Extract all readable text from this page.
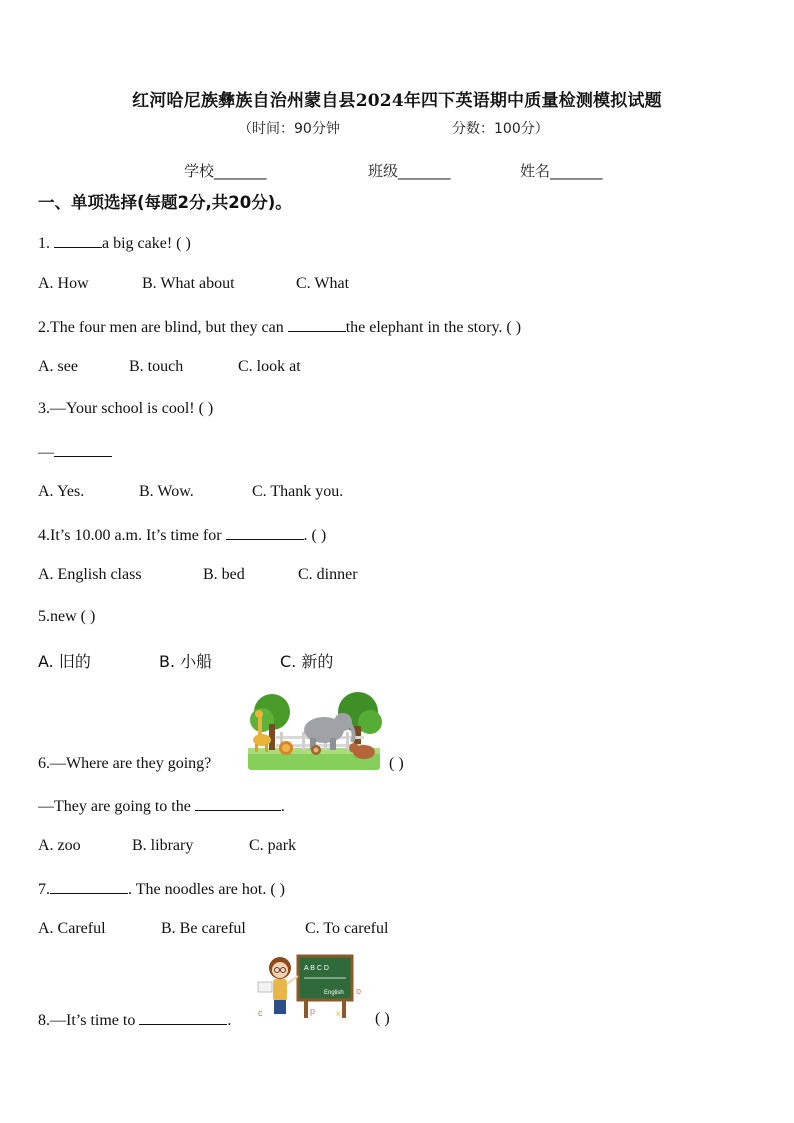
红河哈尼族彝族自治州蒙自县2024年四下英语期中质量检测模拟试题
（时间：90分钟	分数：100分）
学校_______	班级_______	姓名_______
一、单项选择(每题2分,共20分)。
1.	a big cake! ( )
A. How	B. What about	C. What
2.The four men are blind, but they can	the elephant in the story. ( )
A. see	B. touch	C. look at
3.—Your school is cool! ( )
—
A. Yes.	B. Wow.	C. Thank you.
4.It’s 10.00 a.m. It’s time for	. ( )
A. English class	B. bed	C. dinner
5.new ( )
A. 旧的	B. 小船	C. 新的
6.—Where are they going?	( )
—They are going to the	.
A. zoo	B. library	C. park
7.	. The noodles are hot. ( )
A. Careful	B. Be careful	C. To careful
A B C D
English
c	p x
o
8.—It’s time to	.	( )
